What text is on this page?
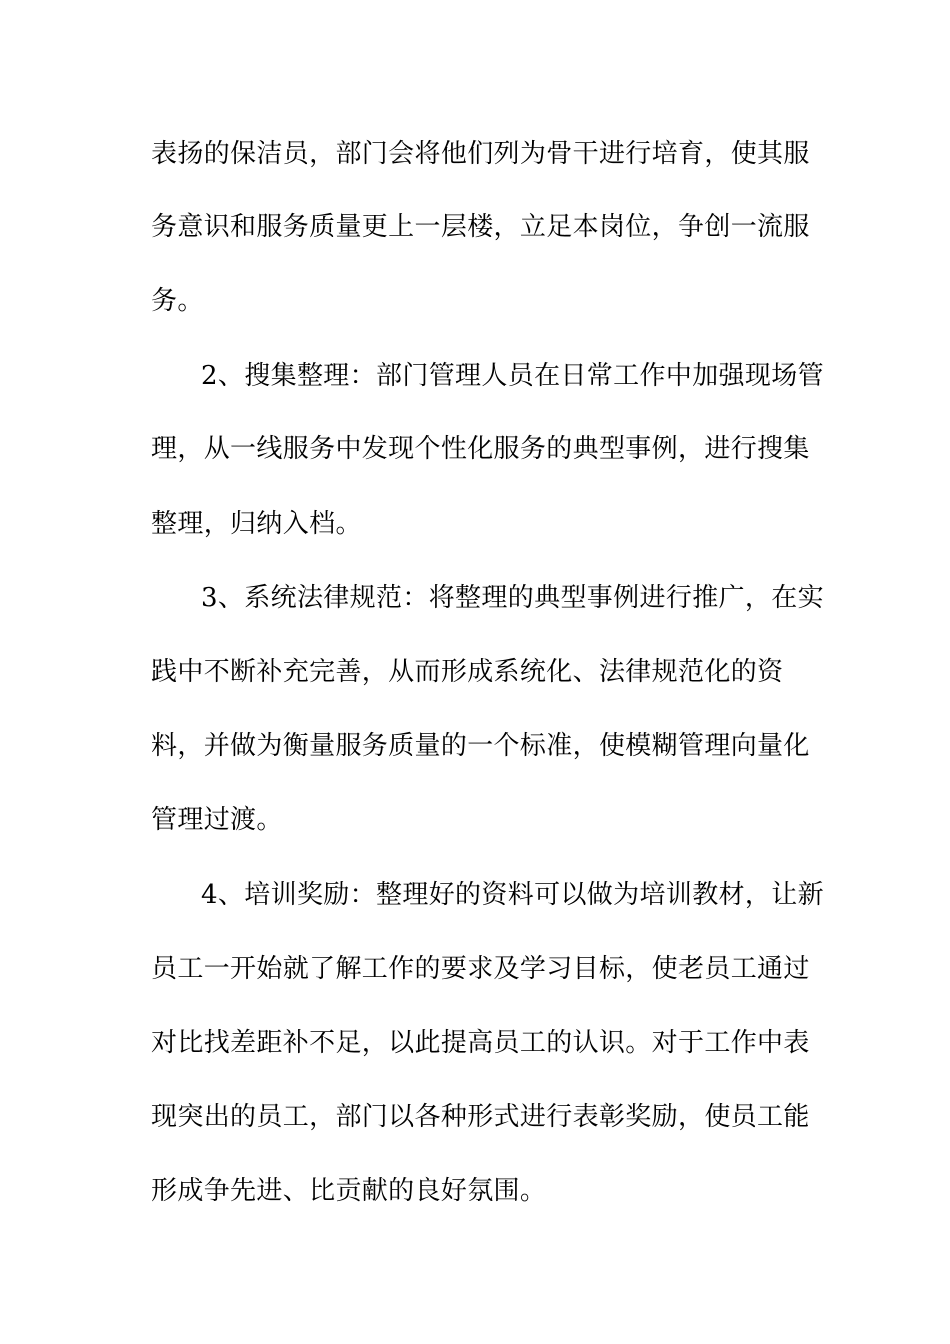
表扬的保洁员，部门会将他们列为骨干进行培育，使其服
务意识和服务质量更上一层楼，立足本岗位，争创一流服
务。
2、搜集整理：部门管理人员在日常工作中加强现场管
理，从一线服务中发现个性化服务的典型事例，进行搜集
整理，归纳入档。
3、系统法律规范：将整理的典型事例进行推广，在实
践中不断补充完善，从而形成系统化、法律规范化的资
料，并做为衡量服务质量的一个标准，使模糊管理向量化
管理过渡。
4、培训奖励：整理好的资料可以做为培训教材，让新
员工一开始就了解工作的要求及学习目标，使老员工通过
对比找差距补不足，以此提高员工的认识。对于工作中表
现突出的员工，部门以各种形式进行表彰奖励，使员工能
形成争先进、比贡献的良好氛围。
